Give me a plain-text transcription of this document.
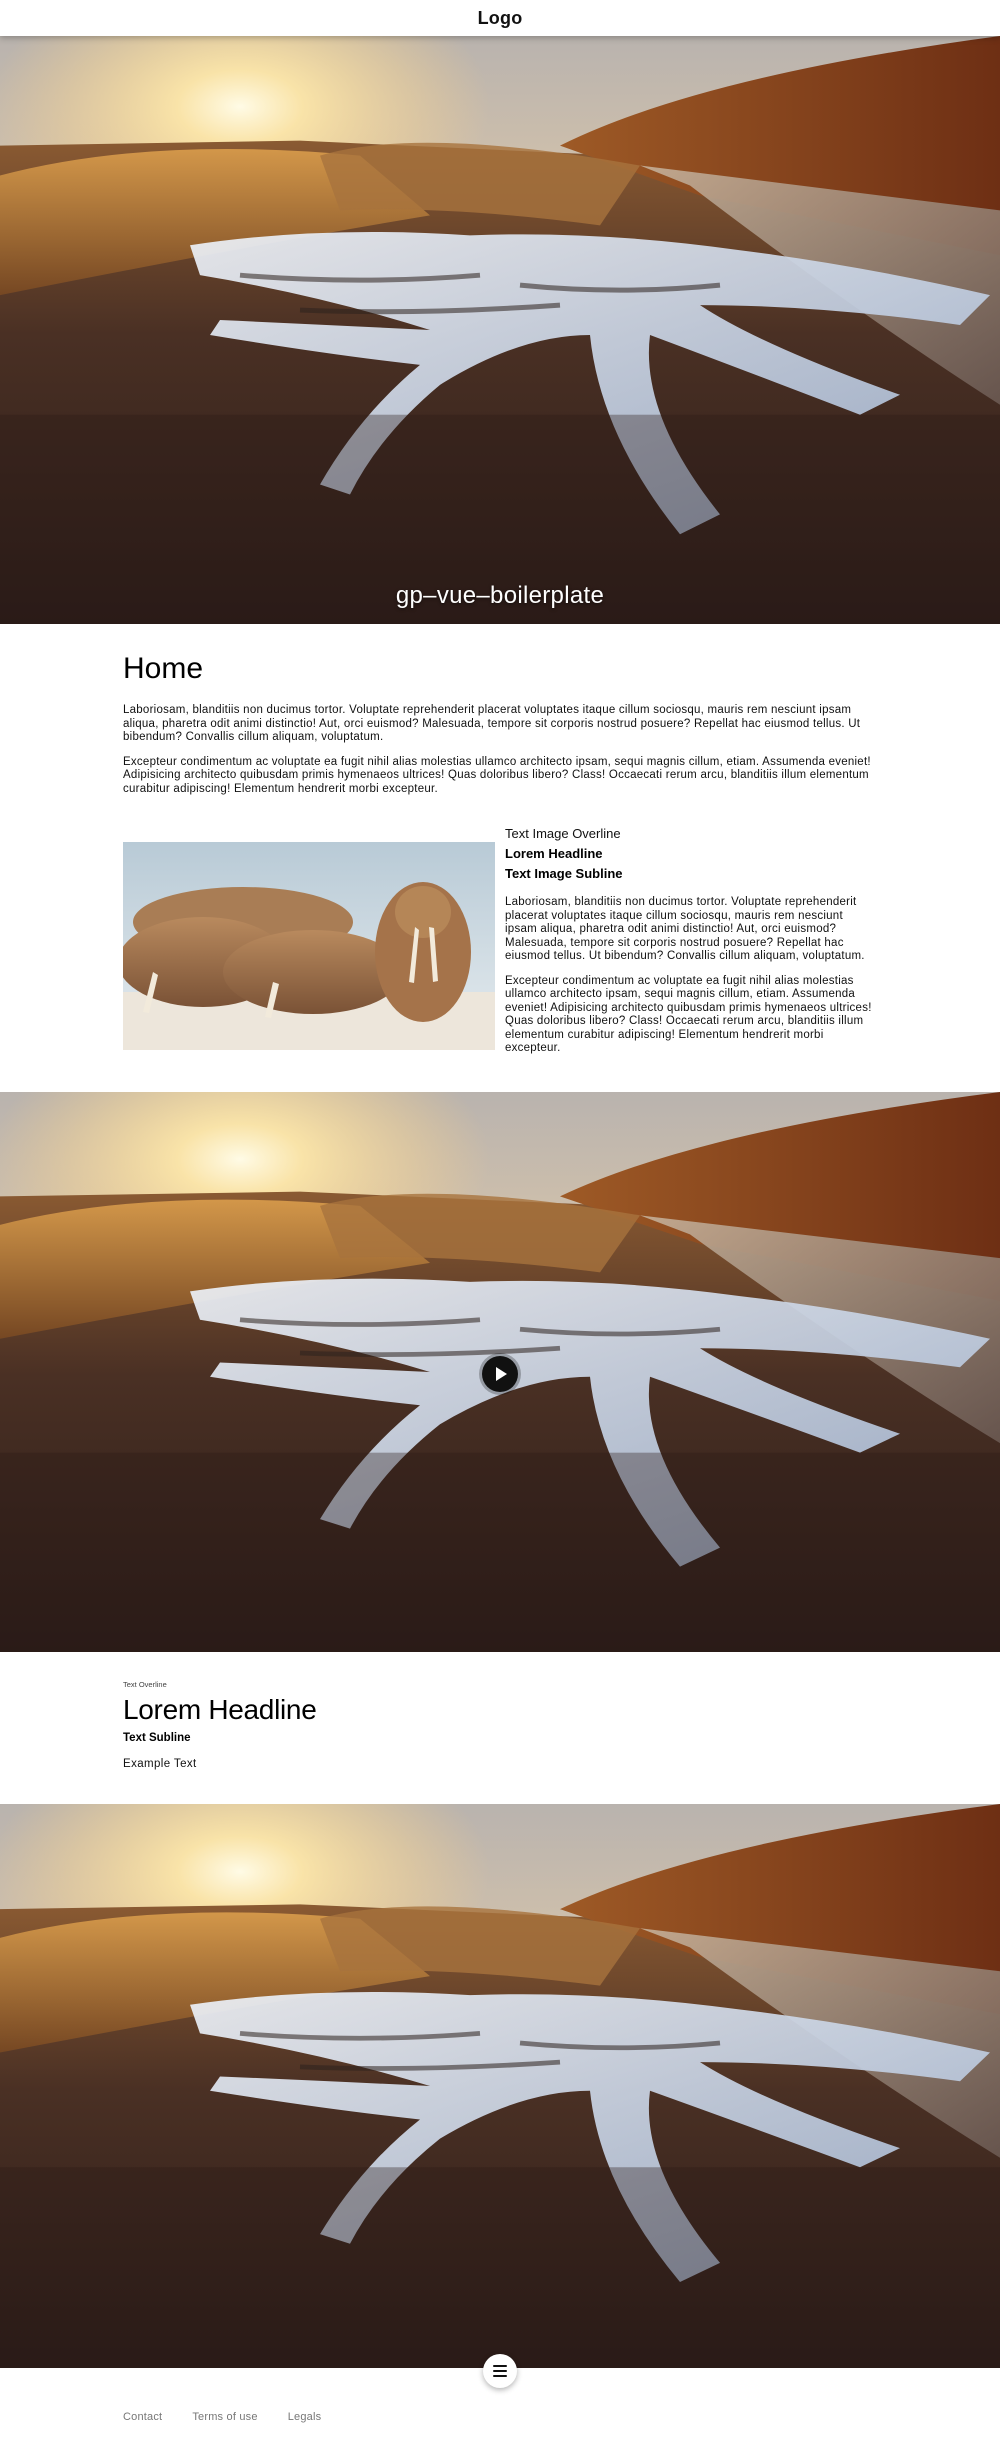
Logo
gp–vue–boilerplate
Home

Laboriosam, blanditiis non ducimus tortor. Voluptate reprehenderit placerat voluptates itaque cillum sociosqu, mauris rem nesciunt ipsam aliqua, pharetra odit animi distinctio! Aut, orci euismod? Malesuada, tempore sit corporis nostrud posuere? Repellat hac eiusmod tellus. Ut bibendum? Convallis cillum aliquam, voluptatum.

Excepteur condimentum ac voluptate ea fugit nihil alias molestias ullamco architecto ipsam, sequi magnis cillum, etiam. Assumenda eveniet! Adipisicing architecto quibusdam primis hymenaeos ultrices! Quas doloribus libero? Class! Occaecati rerum arcu, blanditiis illum elementum curabitur adipiscing! Elementum hendrerit morbi excepteur.

Text Image Overline
Lorem Headline
Text Image Subline

Laboriosam, blanditiis non ducimus tortor. Voluptate reprehenderit placerat voluptates itaque cillum sociosqu, mauris rem nesciunt ipsam aliqua, pharetra odit animi distinctio! Aut, orci euismod? Malesuada, tempore sit corporis nostrud posuere? Repellat hac eiusmod tellus. Ut bibendum? Convallis cillum aliquam, voluptatum.

Excepteur condimentum ac voluptate ea fugit nihil alias molestias ullamco architecto ipsam, sequi magnis cillum, etiam. Assumenda eveniet! Adipisicing architecto quibusdam primis hymenaeos ultrices! Quas doloribus libero? Class! Occaecati rerum arcu, blanditiis illum elementum curabitur adipiscing! Elementum hendrerit morbi excepteur.

Text Overline
Lorem Headline
Text Subline
Example Text
Contact	Terms of use	Legals
